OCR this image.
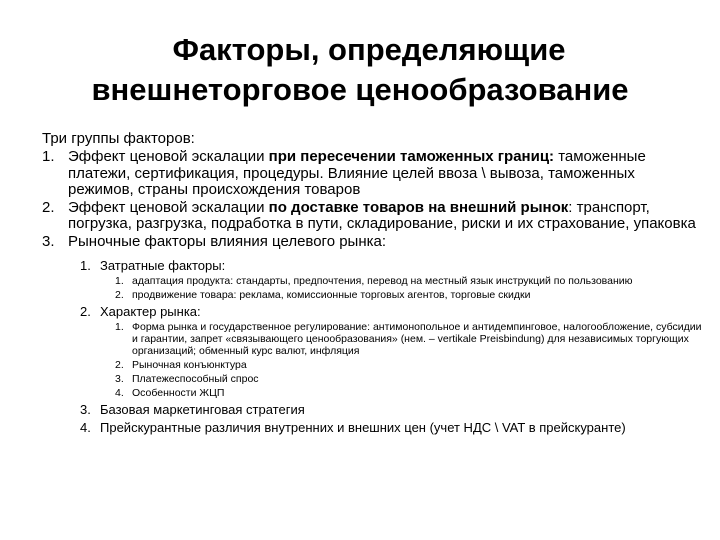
Факторы, определяющие
внешнеторговое ценообразование
Три группы факторов:
1. Эффект ценовой эскалации при пересечении таможенных границ: таможенные платежи, сертификация, процедуры. Влияние целей ввоза \ вывоза, таможенных режимов, страны происхождения товаров
2. Эффект ценовой эскалации по доставке товаров на внешний рынок: транспорт, погрузка, разгрузка, подработка в пути, складирование, риски и их страхование, упаковка
3. Рыночные факторы влияния целевого рынка:
1. Затратные факторы:
1. адаптация продукта: стандарты, предпочтения, перевод на местный язык инструкций по пользованию
2. продвижение товара: реклама, комиссионные торговых агентов, торговые скидки
2. Характер рынка:
1. Форма рынка и государственное регулирование: антимонопольное и антидемпинговое, налогообложение, субсидии и гарантии, запрет «связывающего ценообразования» (нем. – vertikale Preisbindung) для независимых торгующих организаций; обменный курс валют, инфляция
2. Рыночная конъюнктура
3. Платежеспособный спрос
4. Особенности ЖЦП
3. Базовая маркетинговая стратегия
4. Прейскурантные различия внутренних и внешних цен (учет НДС \ VAT в прейскуранте)
